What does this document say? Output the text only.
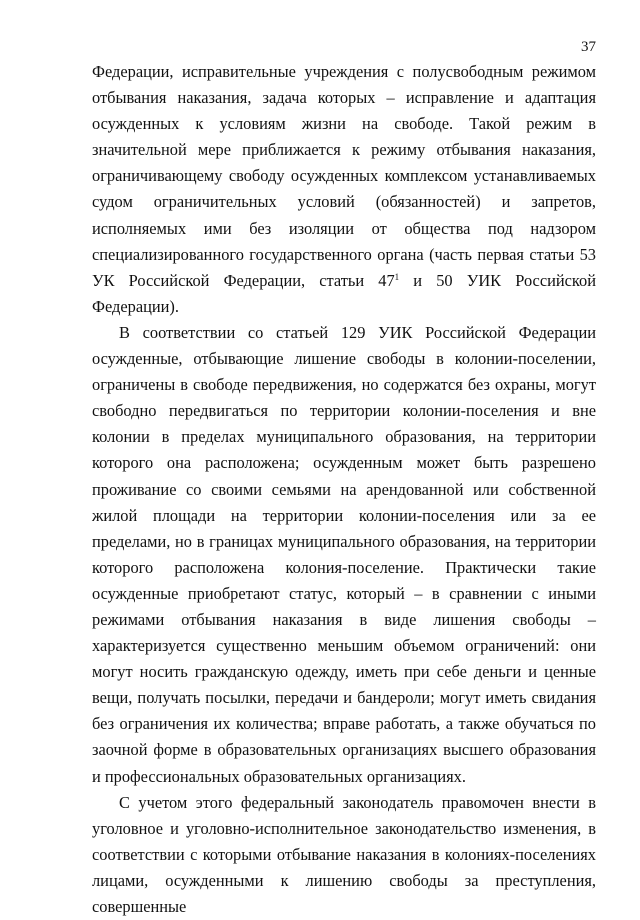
37

Федерации, исправительные учреждения с полусвободным режимом отбывания наказания, задача которых – исправление и адаптация осужденных к условиям жизни на свободе. Такой режим в значительной мере приближается к режиму отбывания наказания, ограничивающему свободу осужденных комплексом устанавливаемых судом ограничительных условий (обязанностей) и запретов, исполняемых ими без изоляции от общества под надзором специализированного государственного органа (часть первая статьи 53 УК Российской Федерации, статьи $47^1$ и 50 УИК Российской Федерации).

В соответствии со статьей 129 УИК Российской Федерации осужденные, отбывающие лишение свободы в колонии-поселении, ограничены в свободе передвижения, но содержатся без охраны, могут свободно передвигаться по территории колонии-поселения и вне колонии в пределах муниципального образования, на территории которого она расположена; осужденным может быть разрешено проживание со своими семьями на арендованной или собственной жилой площади на территории колонии-поселения или за ее пределами, но в границах муниципального образования, на территории которого расположена колония-поселение. Практически такие осужденные приобретают статус, который – в сравнении с иными режимами отбывания наказания в виде лишения свободы – характеризуется существенно меньшим объемом ограничений: они могут носить гражданскую одежду, иметь при себе деньги и ценные вещи, получать посылки, передачи и бандероли; могут иметь свидания без ограничения их количества; вправе работать, а также обучаться по заочной форме в образовательных организациях высшего образования и профессиональных образовательных организациях.

С учетом этого федеральный законодатель правомочен внести в уголовное и уголовно-исполнительное законодательство изменения, в соответствии с которыми отбывание наказания в колониях-поселениях лицами, осужденными к лишению свободы за преступления, совершенные
